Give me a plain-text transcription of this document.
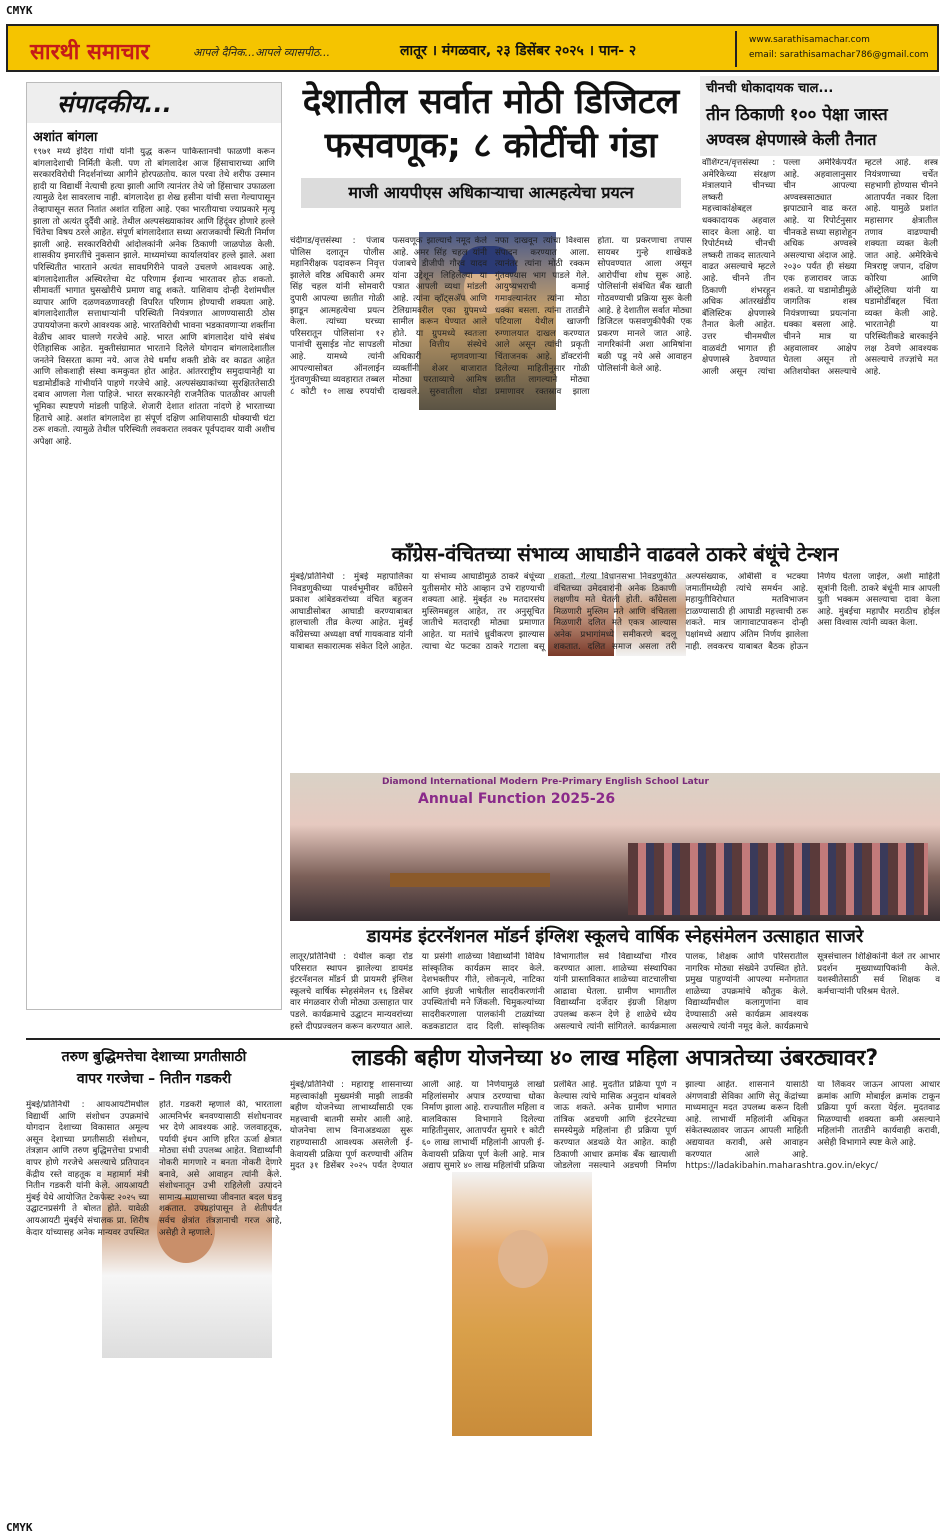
CMYK
CMYK
सारथी समाचार	आपले दैनिक...आपले व्यासपीठ...	लातूर । मंगळवार, २३ डिसेंबर २०२५ । पान- २
www.sarathisamachar.com
email: sarathisamachar786@gmail.com
संपादकीय...
अशांत बांगला
१९७१ मध्ये इंदिरा गांधी यांनी युद्ध करून पाकिस्तानची फाळणी करून बांगलादेशाची निर्मिती केली. पण तो बांगलादेश आज हिंसाचाराच्या आणि सरकारविरोधी निदर्शनांच्या आगीने होरपळतोय. काल परवा तेथे शरीफ उस्मान हादी या विद्यार्थी नेत्याची हत्या झाली आणि त्यानंतर तेथे जो हिंसाचार उफाळला त्यामुळे देश सावरलाच नाही. बांगलादेश हा शेख हसीना यांची सत्ता गेल्यापासून तेव्हापासून सतत नितांत अशांत राहिला आहे. एका भारतीयाचा ज्याप्रकारे मृत्यू झाला तो अत्यंत दुर्दैवी आहे. तेथील अल्पसंख्याकांवर आणि हिंदूंवर होणारे हल्ले चिंतेचा विषय ठरले आहेत. संपूर्ण बांगलादेशात सध्या अराजकाची स्थिती निर्माण झाली आहे. सरकारविरोधी आंदोलकांनी अनेक ठिकाणी जाळपोळ केली. शासकीय इमारतींचे नुकसान झाले. माध्यमांच्या कार्यालयांवर हल्ले झाले. अशा परिस्थितीत भारताने अत्यंत सावधगिरीने पावले उचलणे आवश्यक आहे. बांगलादेशातील अस्थिरतेचा थेट परिणाम ईशान्य भारतावर होऊ शकतो. सीमावर्ती भागात घुसखोरीचे प्रमाण वाढू शकते. याशिवाय दोन्ही देशांमधील व्यापार आणि दळणवळणावरही विपरित परिणाम होण्याची शक्यता आहे. बांगलादेशातील सत्ताधाऱ्यांनी परिस्थिती नियंत्रणात आणण्यासाठी ठोस उपाययोजना करणे आवश्यक आहे. भारतविरोधी भावना भडकावणाऱ्या शक्तींना वेळीच आवर घालणे गरजेचे आहे. भारत आणि बांगलादेश यांचे संबंध ऐतिहासिक आहेत. मुक्तीसंग्रामात भारताने दिलेले योगदान बांगलादेशातील जनतेने विसरता कामा नये. आज तेथे धर्मांध शक्ती डोके वर काढत आहेत आणि लोकशाही संस्था कमकुवत होत आहेत. आंतरराष्ट्रीय समुदायानेही या घडामोडींकडे गांभीर्याने पाहणे गरजेचे आहे. अल्पसंख्याकांच्या सुरक्षिततेसाठी दबाव आणला गेला पाहिजे. भारत सरकारनेही राजनैतिक पातळीवर आपली भूमिका स्पष्टपणे मांडली पाहिजे. शेजारी देशात शांतता नांदणे हे भारताच्या हिताचे आहे. अशांत बांगलादेश हा संपूर्ण दक्षिण आशियासाठी धोक्याची घंटा ठरू शकतो. त्यामुळे तेथील परिस्थिती लवकरात लवकर पूर्वपदावर यावी अशीच अपेक्षा आहे.
देशातील सर्वात मोठी डिजिटल
फसवणूक; ८ कोटींची गंडा
माजी आयपीएस अधिकाऱ्याचा आत्महत्येचा प्रयत्न
चंदीगड/वृत्तसंस्था : पंजाब पोलिस दलातून पोलीस महानिरीक्षक पदावरून निवृत्त झालेले वरिष्ठ अधिकारी अमर सिंह चहल यांनी सोमवारी दुपारी आपल्या छातीत गोळी झाडून आत्महत्येचा प्रयत्न केला. त्यांच्या घरच्या परिसरातून पोलिसांना १२ पानांची सुसाईड नोट सापडली आहे. यामध्ये त्यांनी आपल्यासोबत ऑनलाईन गुंतवणुकीच्या व्यवहारात तब्बल ८ कोटी १० लाख रुपयांची फसवणूक झाल्याचे नमूद केले आहे. अमर सिंह चहल यांनी पंजाबचे डीजीपी गौरव यादव यांना उद्देशून लिहिलेल्या या पत्रात आपली व्यथा मांडली आहे. त्यांना व्हॉट्सअ‍ॅप आणि टेलिग्रामवरील एका ग्रुपमध्ये सामील करून घेण्यात आले होते. या ग्रुपमध्ये स्वतःला मोठ्या वित्तीय संस्थेचे अधिकारी म्हणवणाऱ्या व्यक्तींनी शेअर बाजारात मोठ्या परताव्याचे आमिष दाखवले. सुरुवातीला थोडा नफा दाखवून त्यांचा विश्वास संपादन करण्यात आला. त्यानंतर त्यांना मोठी रक्कम गुंतवण्यास भाग पाडले गेले. आयुष्यभराची कमाई गमावल्यानंतर त्यांना मोठा धक्का बसला. त्यांना तातडीने पटियाला येथील खाजगी रुग्णालयात दाखल करण्यात आले असून त्यांची प्रकृती चिंताजनक आहे. डॉक्टरांनी दिलेल्या माहितीनुसार गोळी छातीत लागल्याने मोठ्या प्रमाणावर रक्तस्राव झाला होता. या प्रकरणाचा तपास सायबर गुन्हे शाखेकडे सोपवण्यात आला असून आरोपींचा शोध सुरू आहे. पोलिसांनी संबंधित बँक खाती गोठवण्याची प्रक्रिया सुरू केली आहे. हे देशातील सर्वात मोठ्या डिजिटल फसवणुकीपैकी एक प्रकरण मानले जात आहे. नागरिकांनी अशा आमिषांना बळी पडू नये असे आवाहन पोलिसांनी केले आहे.
चीनची धोकादायक चाल...
तीन ठिकाणी १०० पेक्षा जास्त
अण्वस्त्र क्षेपणास्त्रे केली तैनात
वॉशिंग्टन/वृत्तसंस्था : अमेरिकेच्या संरक्षण मंत्रालयाने चीनच्या लष्करी महत्त्वाकांक्षेबद्दल धक्कादायक अहवाल सादर केला आहे. या रिपोर्टमध्ये चीनची लष्करी ताकद सातत्याने वाढत असल्याचे म्हटले आहे. चीनने तीन ठिकाणी शंभरहून अधिक आंतरखंडीय बॅलिस्टिक क्षेपणास्त्रे तैनात केली आहेत. उत्तर चीनमधील वाळवंटी भागात ही क्षेपणास्त्रे ठेवण्यात आली असून त्यांचा पल्ला अमेरिकेपर्यंत आहे. अहवालानुसार चीन आपल्या अण्वस्त्रसाठ्यात झपाट्याने वाढ करत आहे. या रिपोर्टनुसार चीनकडे सध्या सहाशेहून अधिक अण्वस्त्रे असल्याचा अंदाज आहे. २०३० पर्यंत ही संख्या एक हजारावर जाऊ शकते. या घडामोडीमुळे जागतिक शस्त्र नियंत्रणाच्या प्रयत्नांना धक्का बसला आहे. चीनने मात्र या अहवालावर आक्षेप घेतला असून तो अतिशयोक्त असल्याचे म्हटले आहे. शस्त्र नियंत्रणाच्या चर्चेत सहभागी होण्यास चीनने आतापर्यंत नकार दिला आहे. यामुळे प्रशांत महासागर क्षेत्रातील तणाव वाढण्याची शक्यता व्यक्त केली जात आहे. अमेरिकेचे मित्रराष्ट्र जपान, दक्षिण कोरिया आणि ऑस्ट्रेलिया यांनी या घडामोडींबद्दल चिंता व्यक्त केली आहे. भारतानेही या परिस्थितीकडे बारकाईने लक्ष ठेवणे आवश्यक असल्याचे तज्ज्ञांचे मत आहे.
काँग्रेस-वंचितच्या संभाव्य आघाडीने वाढवले ठाकरे बंधूंचे टेन्शन
मुंबई/प्रतिनिधी : मुंबई महापालिका निवडणुकीच्या पार्श्वभूमीवर काँग्रेसने प्रकाश आंबेडकरांच्या वंचित बहुजन आघाडीसोबत आघाडी करण्याबाबत हालचाली तीव्र केल्या आहेत. मुंबई काँग्रेसच्या अध्यक्षा वर्षा गायकवाड यांनी याबाबत सकारात्मक संकेत दिले आहेत. या संभाव्य आघाडीमुळे ठाकरे बंधूंच्या युतीसमोर मोठे आव्हान उभे राहण्याची शक्यता आहे. मुंबईत २७ मतदारसंघ मुस्लिमबहुल आहेत, तर अनुसूचित जातीचे मतदारही मोठ्या प्रमाणात आहेत. या मतांचे ध्रुवीकरण झाल्यास त्याचा थेट फटका ठाकरे गटाला बसू शकतो. गेल्या विधानसभा निवडणुकीत वंचितच्या उमेदवारांनी अनेक ठिकाणी लक्षणीय मते घेतली होती. काँग्रेसला मिळणारी मुस्लिम मते आणि वंचितला मिळणारी दलित मते एकत्र आल्यास अनेक प्रभागांमध्ये समीकरणे बदलू शकतात. दलित समाज असला तरी अल्पसंख्याक, ओबीसी व भटक्या जमातींमध्येही त्यांचे समर्थन आहे. महायुतीविरोधात मतविभाजन टाळण्यासाठी ही आघाडी महत्त्वाची ठरू शकते. मात्र जागावाटपावरून दोन्ही पक्षांमध्ये अद्याप अंतिम निर्णय झालेला नाही. लवकरच याबाबत बैठक होऊन निर्णय घेतला जाईल, अशी माहिती सूत्रांनी दिली. ठाकरे बंधूंनी मात्र आपली युती भक्कम असल्याचा दावा केला आहे. मुंबईचा महापौर मराठीच होईल असा विश्वास त्यांनी व्यक्त केला.
Diamond International Modern Pre-Primary English School Latur
Annual Function 2025-26
डायमंड इंटरनॅशनल मॉडर्न इंग्लिश स्कूलचे वार्षिक स्नेहसंमेलन उत्साहात साजरे
लातूर/प्रतिनिधी : येथील कव्हा रोड परिसरात स्थापन झालेल्या डायमंड इंटरनॅशनल मॉडर्न प्री प्रायमरी इंग्लिश स्कूलचे वार्षिक स्नेहसंमेलन १६ डिसेंबर वार मंगळवार रोजी मोठ्या उत्साहात पार पडले. कार्यक्रमाचे उद्घाटन मान्यवरांच्या हस्ते दीपप्रज्वलन करून करण्यात आले. या प्रसंगी शाळेच्या विद्यार्थ्यांनी विविध सांस्कृतिक कार्यक्रम सादर केले. देशभक्तीपर गीते, लोकनृत्ये, नाटिका आणि इंग्रजी भाषेतील सादरीकरणांनी उपस्थितांची मने जिंकली. चिमुकल्यांच्या सादरीकरणाला पालकांनी टाळ्यांच्या कडकडाटात दाद दिली. सांस्कृतिक विभागातील सर्व विद्यार्थ्यांचा गौरव करण्यात आला. शाळेच्या संस्थापिका यांनी प्रास्ताविकात शाळेच्या वाटचालीचा आढावा घेतला. ग्रामीण भागातील विद्यार्थ्यांना दर्जेदार इंग्रजी शिक्षण उपलब्ध करून देणे हे शाळेचे ध्येय असल्याचे त्यांनी सांगितले. कार्यक्रमाला पालक, शिक्षक आणि परिसरातील नागरिक मोठ्या संख्येने उपस्थित होते. प्रमुख पाहुण्यांनी आपल्या मनोगतात शाळेच्या उपक्रमांचे कौतुक केले. विद्यार्थ्यांमधील कलागुणांना वाव देण्यासाठी असे कार्यक्रम आवश्यक असल्याचे त्यांनी नमूद केले. कार्यक्रमाचे सूत्रसंचालन शिक्षिकांनी केले तर आभार प्रदर्शन मुख्याध्यापिकांनी केले. यशस्वीतेसाठी सर्व शिक्षक व कर्मचाऱ्यांनी परिश्रम घेतले.
तरुण बुद्धिमत्तेचा देशाच्या प्रगतीसाठी
वापर गरजेचा – नितीन गडकरी
मुंबई/प्रतिनिधी : आयआयटीमधील विद्यार्थी आणि संशोधन उपक्रमांचे योगदान देशाच्या विकासात अमूल्य असून देशाच्या प्रगतीसाठी संशोधन, तंत्रज्ञान आणि तरुण बुद्धिमत्तेचा प्रभावी वापर होणे गरजेचे असल्याचे प्रतिपादन केंद्रीय रस्ते वाहतूक व महामार्ग मंत्री नितीन गडकरी यांनी केले. आयआयटी मुंबई येथे आयोजित टेकफेस्ट २०२५ च्या उद्घाटनप्रसंगी ते बोलत होते. यावेळी आयआयटी मुंबईचे संचालक प्रा. शिरीष केदार यांच्यासह अनेक मान्यवर उपस्थित होते. गडकरी म्हणाले की, भारताला आत्मनिर्भर बनवण्यासाठी संशोधनावर भर देणे आवश्यक आहे. जलवाहतूक, पर्यायी इंधन आणि हरित ऊर्जा क्षेत्रात मोठ्या संधी उपलब्ध आहेत. विद्यार्थ्यांनी नोकरी मागणारे न बनता नोकरी देणारे बनावे, असे आवाहन त्यांनी केले. संशोधनातून उभी राहिलेली उत्पादने सामान्य माणसाच्या जीवनात बदल घडवू शकतात. उपग्रहांपासून ते शेतीपर्यंत सर्वच क्षेत्रांत तंत्रज्ञानाची गरज आहे, असेही ते म्हणाले.
लाडकी बहीण योजनेच्या ४० लाख महिला अपात्रतेच्या उंबरठ्यावर?
मुंबई/प्रतिनिधी : महाराष्ट्र शासनाच्या महत्त्वाकांक्षी मुख्यमंत्री माझी लाडकी बहीण योजनेच्या लाभार्थ्यांसाठी एक महत्त्वाची बातमी समोर आली आहे. योजनेचा लाभ विनाअडथळा सुरू राहण्यासाठी आवश्यक असलेली ई-केवायसी प्रक्रिया पूर्ण करण्याची अंतिम मुदत ३१ डिसेंबर २०२५ पर्यंत देण्यात आली आहे. या निर्णयामुळे लाखो महिलांसमोर अपात्र ठरण्याचा धोका निर्माण झाला आहे. राज्यातील महिला व बालविकास विभागाने दिलेल्या माहितीनुसार, आतापर्यंत सुमारे १ कोटी ६० लाख लाभार्थी महिलांनी आपली ई-केवायसी प्रक्रिया पूर्ण केली आहे. मात्र अद्याप सुमारे ४० लाख महिलांची प्रक्रिया प्रलंबित आहे. मुदतीत प्रक्रिया पूर्ण न केल्यास त्यांचे मासिक अनुदान थांबवले जाऊ शकते. अनेक ग्रामीण भागात तांत्रिक अडचणी आणि इंटरनेटच्या समस्येमुळे महिलांना ही प्रक्रिया पूर्ण करण्यात अडथळे येत आहेत. काही ठिकाणी आधार क्रमांक बँक खात्याशी जोडलेला नसल्याने अडचणी निर्माण झाल्या आहेत. शासनाने यासाठी अंगणवाडी सेविका आणि सेतू केंद्रांच्या माध्यमातून मदत उपलब्ध करून दिली आहे. लाभार्थी महिलांनी अधिकृत संकेतस्थळावर जाऊन आपली माहिती अद्ययावत करावी, असे आवाहन करण्यात आले आहे. https://ladakibahin.maharashtra.gov.in/ekyc/ या लिंकवर जाऊन आपला आधार क्रमांक आणि मोबाईल क्रमांक टाकून प्रक्रिया पूर्ण करता येईल. मुदतवाढ मिळण्याची शक्यता कमी असल्याने महिलांनी तातडीने कार्यवाही करावी, असेही विभागाने स्पष्ट केले आहे.
